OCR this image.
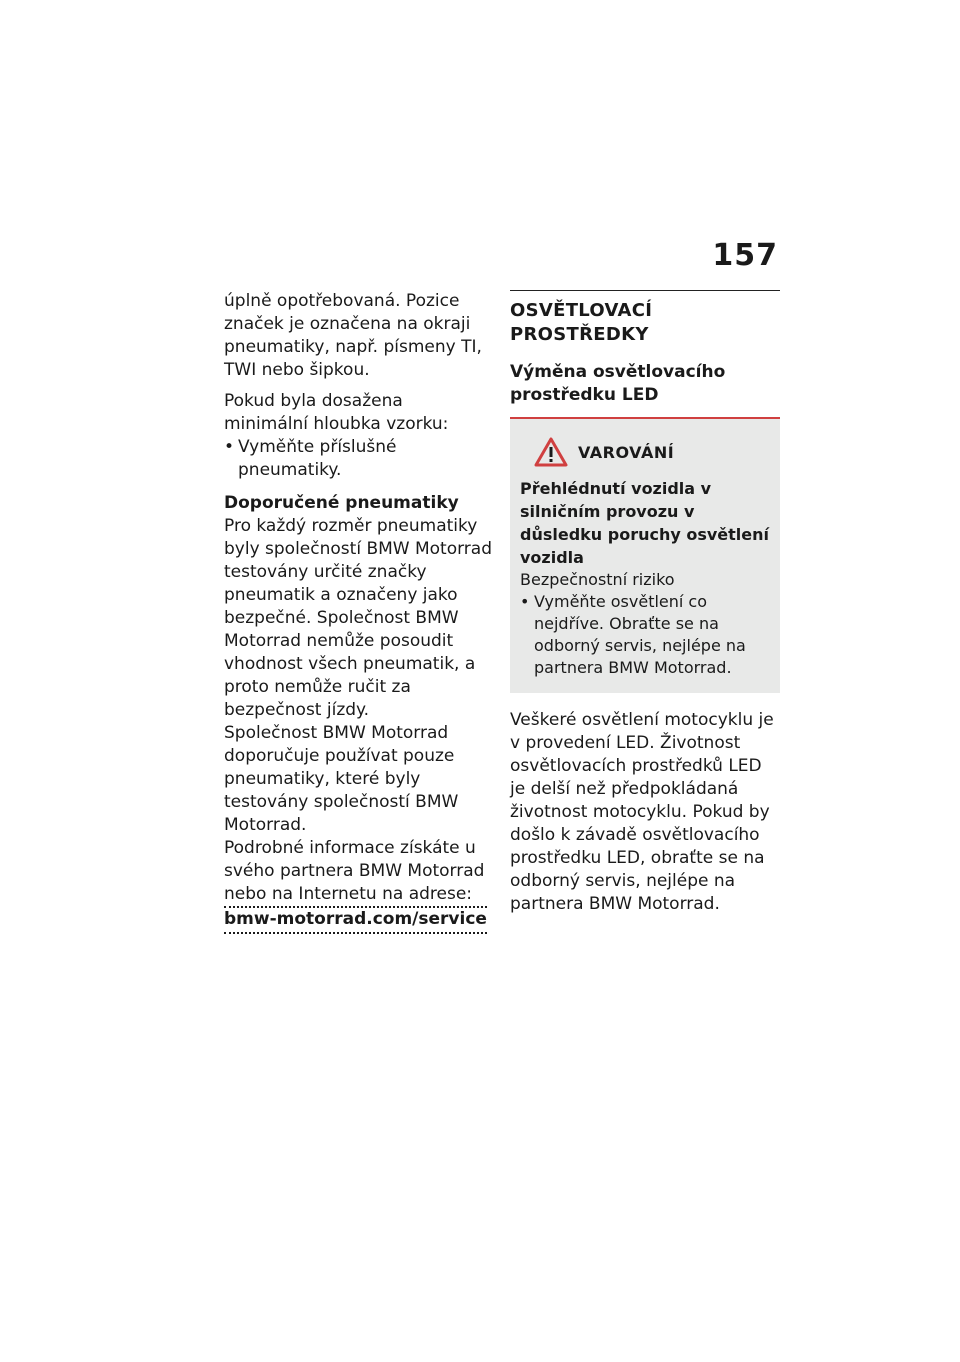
157

úplně opotřebovaná. Pozice značek je označena na okraji pneumatiky, např. písmeny TI, TWI nebo šipkou.

Pokud byla dosažena minimální hloubka vzorku:

• Vyměňte příslušné pneumatiky.
Doporučené pneumatiky

Pro každý rozměr pneumatiky byly společností BMW Motorrad testovány určité značky pneumatik a označeny jako bezpečné. Společnost BMW Motorrad nemůže posoudit vhodnost všech pneumatik, a proto nemůže ručit za bezpečnost jízdy.

Společnost BMW Motorrad doporučuje používat pouze pneumatiky, které byly testovány společností BMW Motorrad.

Podrobné informace získáte u svého partnera BMW Motorrad nebo na Internetu na adrese:

bmw-motorrad.com/service
OSVĚTLOVACÍ PROSTŘEDKY
Výměna osvětlovacího prostředku LED
VAROVÁNÍ
Přehlédnutí vozidla v silničním provozu v důsledku poruchy osvětlení vozidla
Bezpečnostní riziko
• Vyměňte osvětlení co nejdříve. Obraťte se na odborný servis, nejlépe na partnera BMW Motorrad.

Veškeré osvětlení motocyklu je v provedení LED. Životnost osvětlovacích prostředků LED je delší než předpokládaná životnost motocyklu. Pokud by došlo k závadě osvětlovacího prostředku LED, obraťte se na odborný servis, nejlépe na partnera BMW Motorrad.
